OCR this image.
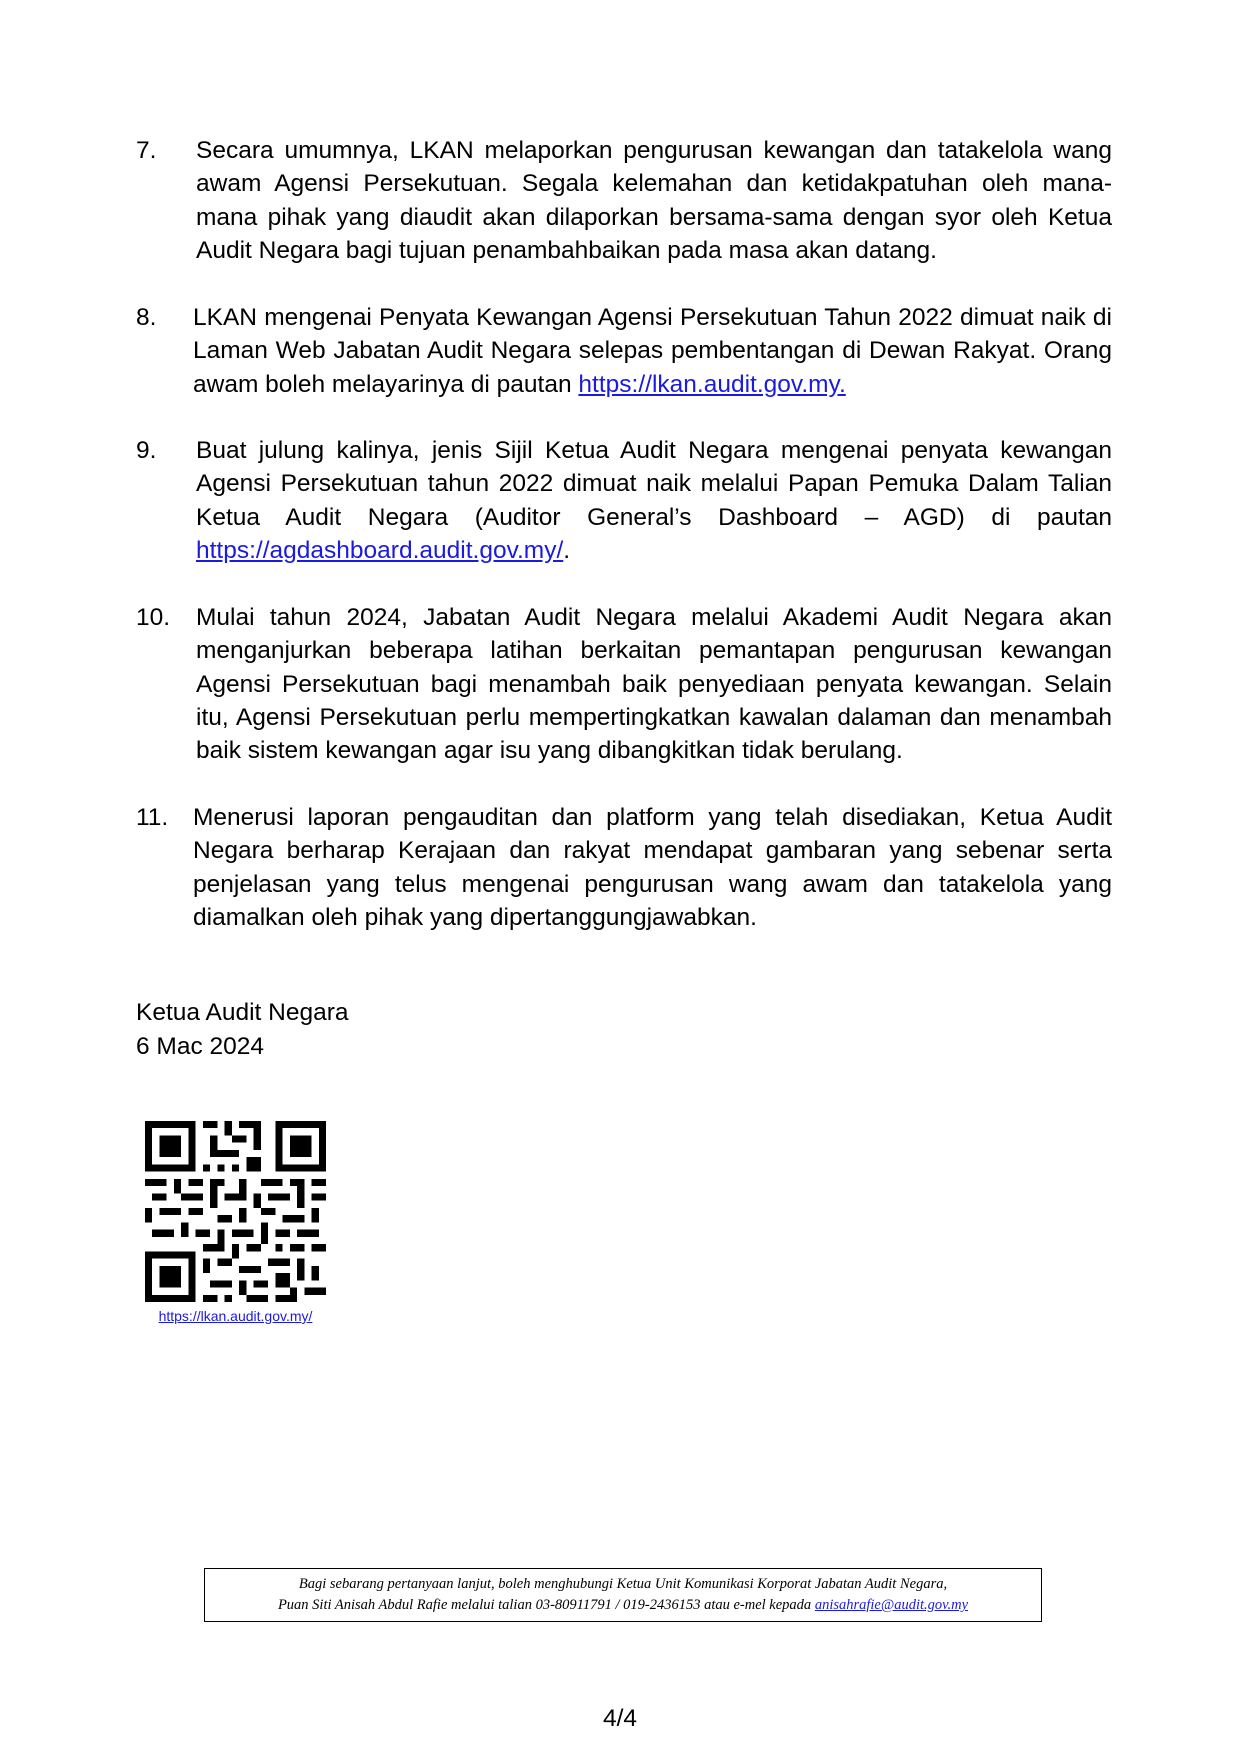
7. Secara umumnya, LKAN melaporkan pengurusan kewangan dan tatakelola wang awam Agensi Persekutuan. Segala kelemahan dan ketidakpatuhan oleh mana-mana pihak yang diaudit akan dilaporkan bersama-sama dengan syor oleh Ketua Audit Negara bagi tujuan penambahbaikan pada masa akan datang.
8. LKAN mengenai Penyata Kewangan Agensi Persekutuan Tahun 2022 dimuat naik di Laman Web Jabatan Audit Negara selepas pembentangan di Dewan Rakyat. Orang awam boleh melayarinya di pautan https://lkan.audit.gov.my.
9. Buat julung kalinya, jenis Sijil Ketua Audit Negara mengenai penyata kewangan Agensi Persekutuan tahun 2022 dimuat naik melalui Papan Pemuka Dalam Talian Ketua Audit Negara (Auditor General’s Dashboard – AGD) di pautan https://agdashboard.audit.gov.my/.
10. Mulai tahun 2024, Jabatan Audit Negara melalui Akademi Audit Negara akan menganjurkan beberapa latihan berkaitan pemantapan pengurusan kewangan Agensi Persekutuan bagi menambah baik penyediaan penyata kewangan. Selain itu, Agensi Persekutuan perlu mempertingkatkan kawalan dalaman dan menambah baik sistem kewangan agar isu yang dibangkitkan tidak berulang.
11. Menerusi laporan pengauditan dan platform yang telah disediakan, Ketua Audit Negara berharap Kerajaan dan rakyat mendapat gambaran yang sebenar serta penjelasan yang telus mengenai pengurusan wang awam dan tatakelola yang diamalkan oleh pihak yang dipertanggungjawabkan.
Ketua Audit Negara
6 Mac 2024
https://lkan.audit.gov.my/
Bagi sebarang pertanyaan lanjut, boleh menghubungi Ketua Unit Komunikasi Korporat Jabatan Audit Negara,
Puan Siti Anisah Abdul Rafie melalui talian 03-80911791 / 019-2436153 atau e-mel kepada anisahrafie@audit.gov.my
4/4
